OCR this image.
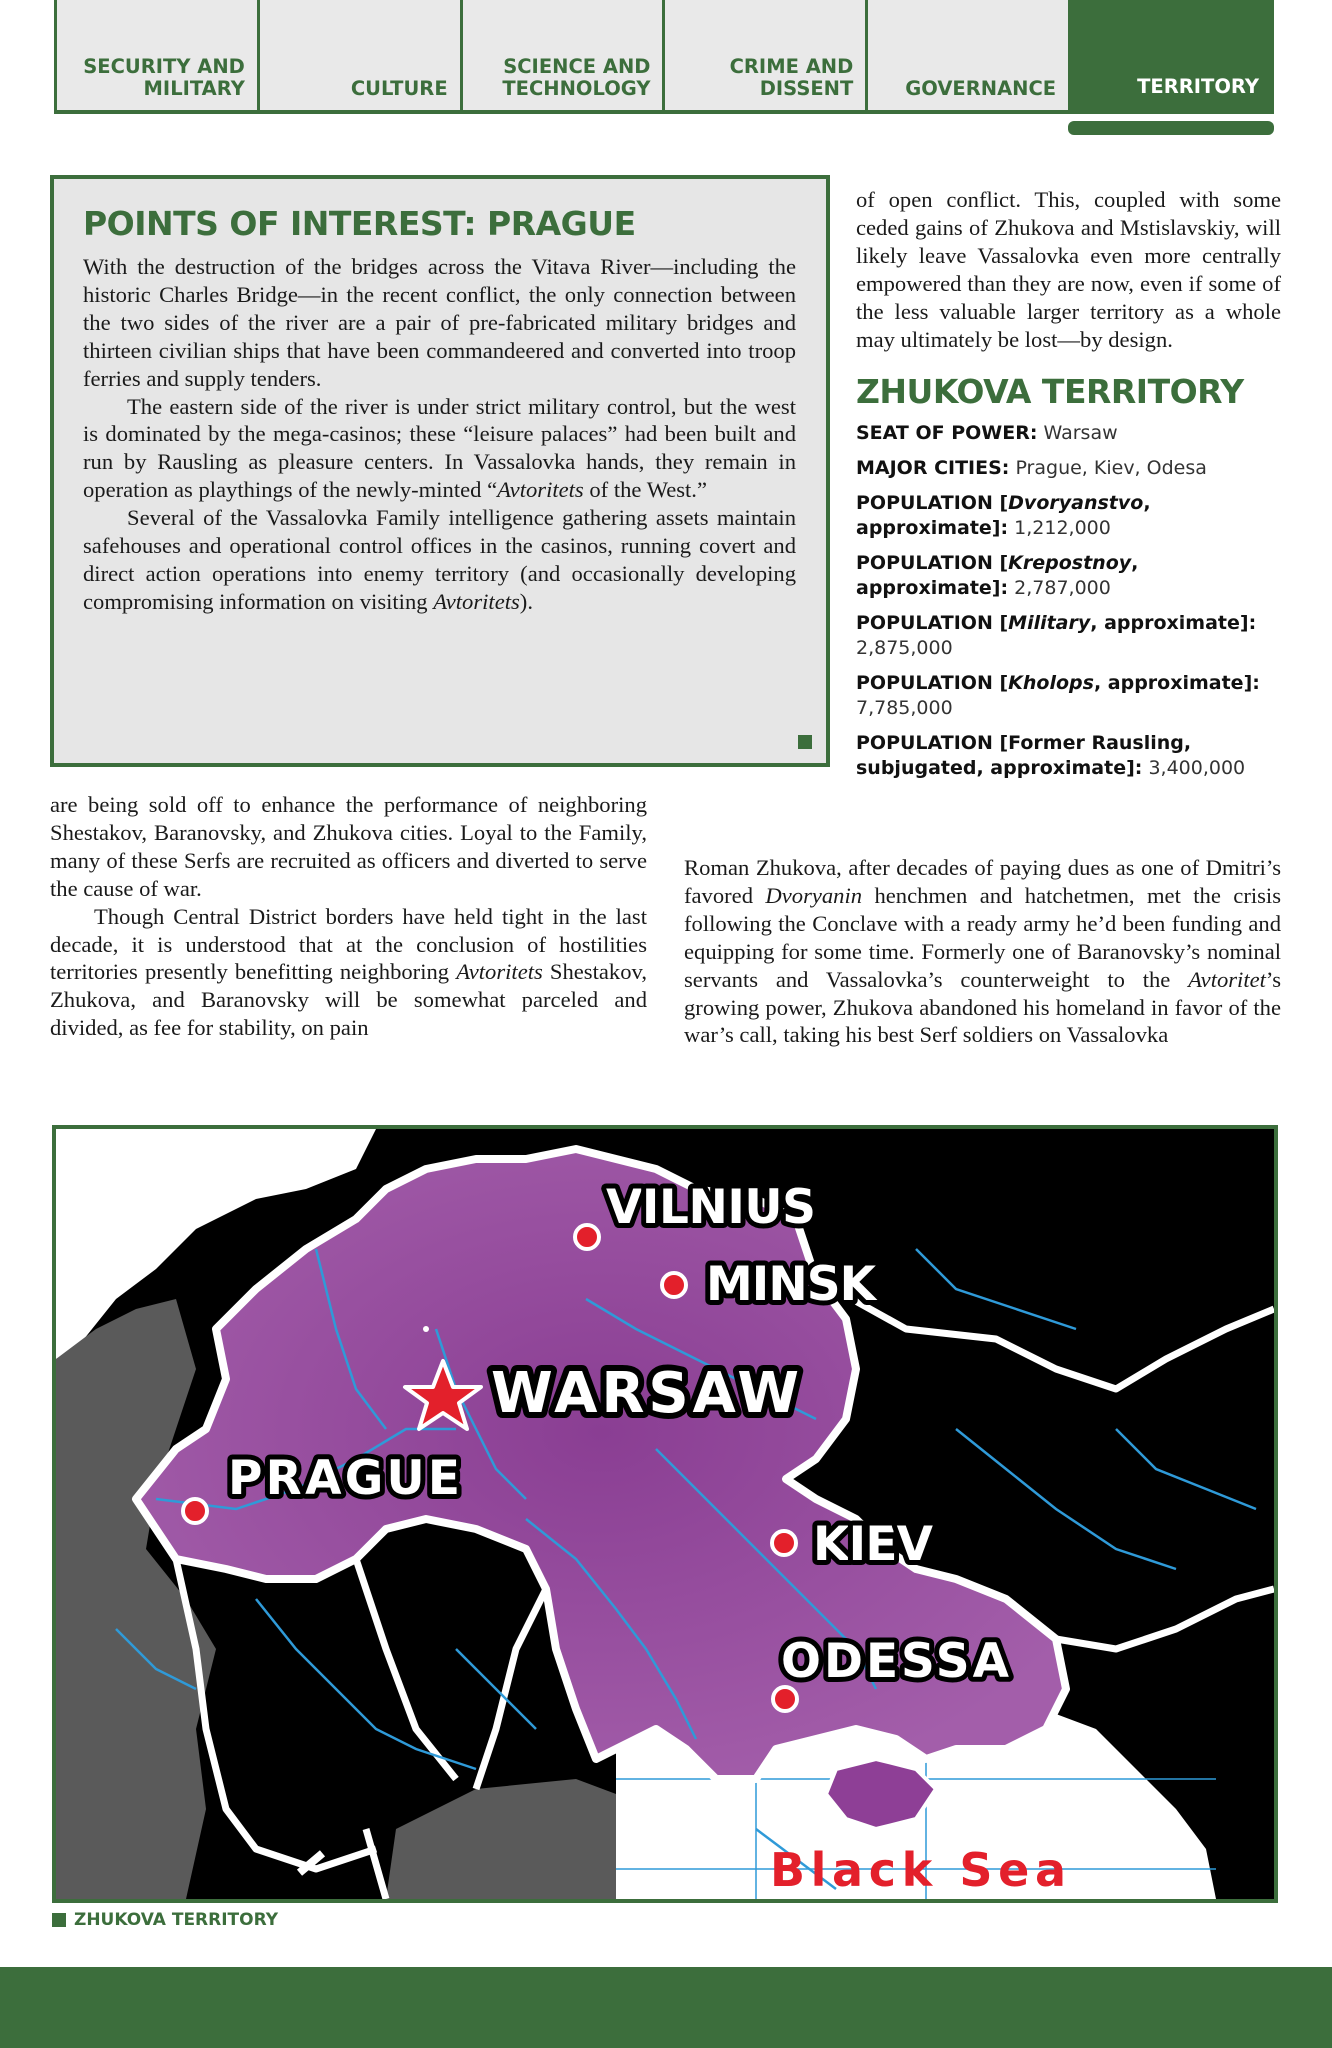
SECURITY AND
MILITARY	CULTURE
SCIENCE AND
TECHNOLOGY
CRIME AND
DISSENT	GOVERNANCE	TERRITORY
POINTS OF INTEREST: PRAGUE

With the destruction of the bridges across the Vitava River—including the historic Charles Bridge—in the recent conflict, the only connection between the two sides of the river are a pair of pre-fabricated military bridges and thirteen civilian ships that have been commandeered and converted into troop ferries and supply tenders.

The eastern side of the river is under strict military control, but the west is dominated by the mega-casinos; these “leisure palaces” had been built and run by Rausling as pleasure centers. In Vassalovka hands, they remain in operation as playthings of the newly-minted “Avtoritets of the West.”

Several of the Vassalovka Family intelligence gathering assets maintain safehouses and operational control offices in the casinos, running covert and direct action operations into enemy territory (and occasionally developing compromising information on visiting Avtoritets).

of open conflict. This, coupled with some ceded gains of Zhukova and Mstislavskiy, will likely leave Vassalovka even more centrally empowered than they are now, even if some of the less valuable larger territory as a whole may ultimately be lost—by design.

ZHUKOVA TERRITORY
SEAT OF POWER: Warsaw
MAJOR CITIES: Prague, Kiev, Odesa
POPULATION [Dvoryanstvo, approximate]: 1,212,000
POPULATION [Krepostnoy, approximate]: 2,787,000
POPULATION [Military, approximate]: 2,875,000
POPULATION [Kholops, approximate]: 7,785,000
POPULATION [Former Rausling, subjugated, approximate]: 3,400,000

are being sold off to enhance the performance of neighboring Shestakov, Baranovsky, and Zhukova cities. Loyal to the Family, many of these Serfs are recruited as officers and diverted to serve the cause of war.

Though Central District borders have held tight in the last decade, it is understood that at the conclusion of hostilities territories presently benefitting neighboring Avtoritets Shestakov, Zhukova, and Baranovsky will be somewhat parceled and divided, as fee for stability, on pain

Roman Zhukova, after decades of paying dues as one of Dmitri’s favored Dvoryanin henchmen and hatchetmen, met the crisis following the Conclave with a ready army he’d been funding and equipping for some time. Formerly one of Baranovsky’s nominal servants and Vassalovka’s counterweight to the Avtoritet’s growing power, Zhukova abandoned his homeland in favor of the war’s call, taking his best Serf soldiers on Vassalovka

VILNIUS
MINSK
WARSAW
PRAGUE
KIEV
ODESSA
Black Sea
ZHUKOVA TERRITORY
